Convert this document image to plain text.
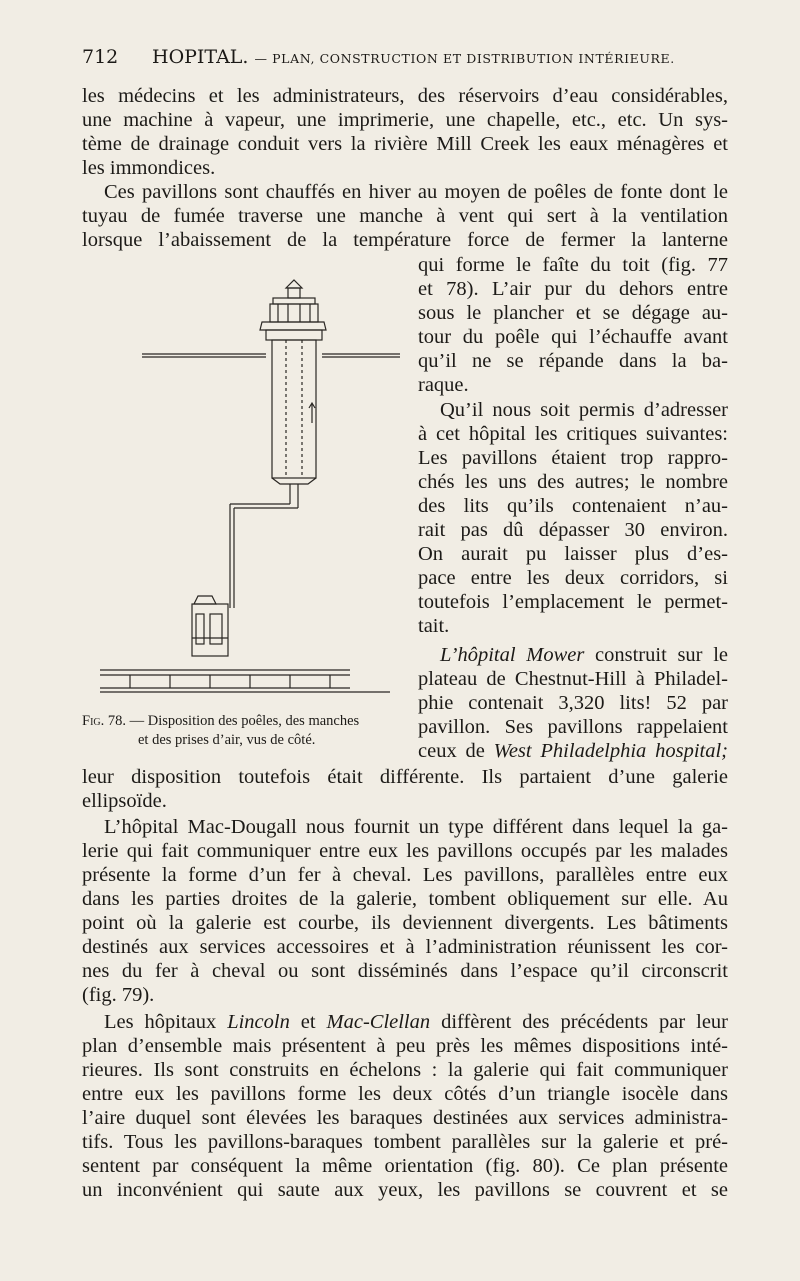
712 HOPITAL. — PLAN, CONSTRUCTION ET DISTRIBUTION INTÉRIEURE.
les médecins et les administrateurs, des réservoirs d’eau considérables,
une machine à vapeur, une imprimerie, une chapelle, etc., etc. Un sys-
tème de drainage conduit vers la rivière Mill Creek les eaux ménagères et
les immondices.
Ces pavillons sont chauffés en hiver au moyen de poêles de fonte dont le
tuyau de fumée traverse une manche à vent qui sert à la ventilation
lorsque l’abaissement de la température force de fermer la lanterne
qui forme le faîte du toit (fig. 77
et 78). L’air pur du dehors entre
sous le plancher et se dégage au-
tour du poêle qui l’échauffe avant
qu’il ne se répande dans la ba-
raque.
Qu’il nous soit permis d’adresser
à cet hôpital les critiques suivantes:
Les pavillons étaient trop rappro-
chés les uns des autres; le nombre
des lits qu’ils contenaient n’au-
rait pas dû dépasser 30 environ.
On aurait pu laisser plus d’es-
pace entre les deux corridors, si
toutefois l’emplacement le permet-
tait.
L’hôpital Mower construit sur le
plateau de Chestnut-Hill à Philadel-
phie contenait 3,320 lits! 52 par
pavillon. Ses pavillons rappelaient
ceux de West Philadelphia hospital;
Fig. 78. — Disposition des poêles, des manches
et des prises d’air, vus de côté.
leur disposition toutefois était différente. Ils partaient d’une galerie
ellipsoïde.
L’hôpital Mac-Dougall nous fournit un type différent dans lequel la ga-
lerie qui fait communiquer entre eux les pavillons occupés par les malades
présente la forme d’un fer à cheval. Les pavillons, parallèles entre eux
dans les parties droites de la galerie, tombent obliquement sur elle. Au
point où la galerie est courbe, ils deviennent divergents. Les bâtiments
destinés aux services accessoires et à l’administration réunissent les cor-
nes du fer à cheval ou sont disséminés dans l’espace qu’il circonscrit
(fig. 79).
Les hôpitaux Lincoln et Mac-Clellan diffèrent des précédents par leur
plan d’ensemble mais présentent à peu près les mêmes dispositions inté-
rieures. Ils sont construits en échelons : la galerie qui fait communiquer
entre eux les pavillons forme les deux côtés d’un triangle isocèle dans
l’aire duquel sont élevées les baraques destinées aux services administra-
tifs. Tous les pavillons-baraques tombent parallèles sur la galerie et pré-
sentent par conséquent la même orientation (fig. 80). Ce plan présente
un inconvénient qui saute aux yeux, les pavillons se couvrent et se
